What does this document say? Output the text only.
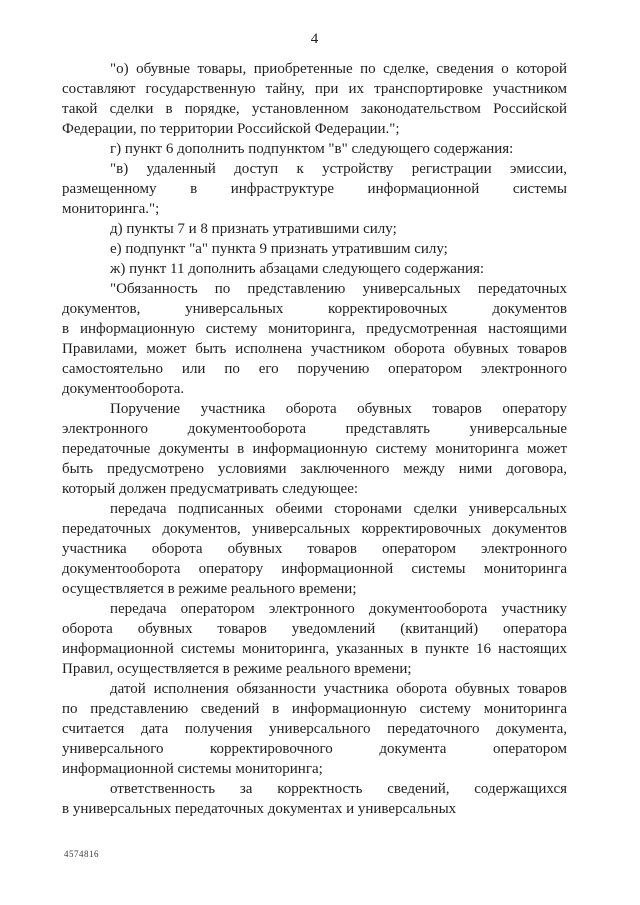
4
"о) обувные товары, приобретенные по сделке, сведения о которой
составляют государственную тайну, при их транспортировке участником
такой сделки в порядке, установленном законодательством Российской
Федерации, по территории Российской Федерации.";
г) пункт 6 дополнить подпунктом "в" следующего содержания:
"в) удаленный доступ к устройству регистрации эмиссии,
размещенному в инфраструктуре информационной системы
мониторинга.";
д) пункты 7 и 8 признать утратившими силу;
е) подпункт "а" пункта 9 признать утратившим силу;
ж) пункт 11 дополнить абзацами следующего содержания:
"Обязанность по представлению универсальных передаточных
документов, универсальных корректировочных документов
в информационную систему мониторинга, предусмотренная настоящими
Правилами, может быть исполнена участником оборота обувных товаров
самостоятельно или по его поручению оператором электронного
документооборота.
Поручение участника оборота обувных товаров оператору
электронного документооборота представлять универсальные
передаточные документы в информационную систему мониторинга может
быть предусмотрено условиями заключенного между ними договора,
который должен предусматривать следующее:
передача подписанных обеими сторонами сделки универсальных
передаточных документов, универсальных корректировочных документов
участника оборота обувных товаров оператором электронного
документооборота оператору информационной системы мониторинга
осуществляется в режиме реального времени;
передача оператором электронного документооборота участнику
оборота обувных товаров уведомлений (квитанций) оператора
информационной системы мониторинга, указанных в пункте 16 настоящих
Правил, осуществляется в режиме реального времени;
датой исполнения обязанности участника оборота обувных товаров
по представлению сведений в информационную систему мониторинга
считается дата получения универсального передаточного документа,
универсального корректировочного документа оператором
информационной системы мониторинга;
ответственность за корректность сведений, содержащихся
в универсальных передаточных документах и универсальных
4574816
